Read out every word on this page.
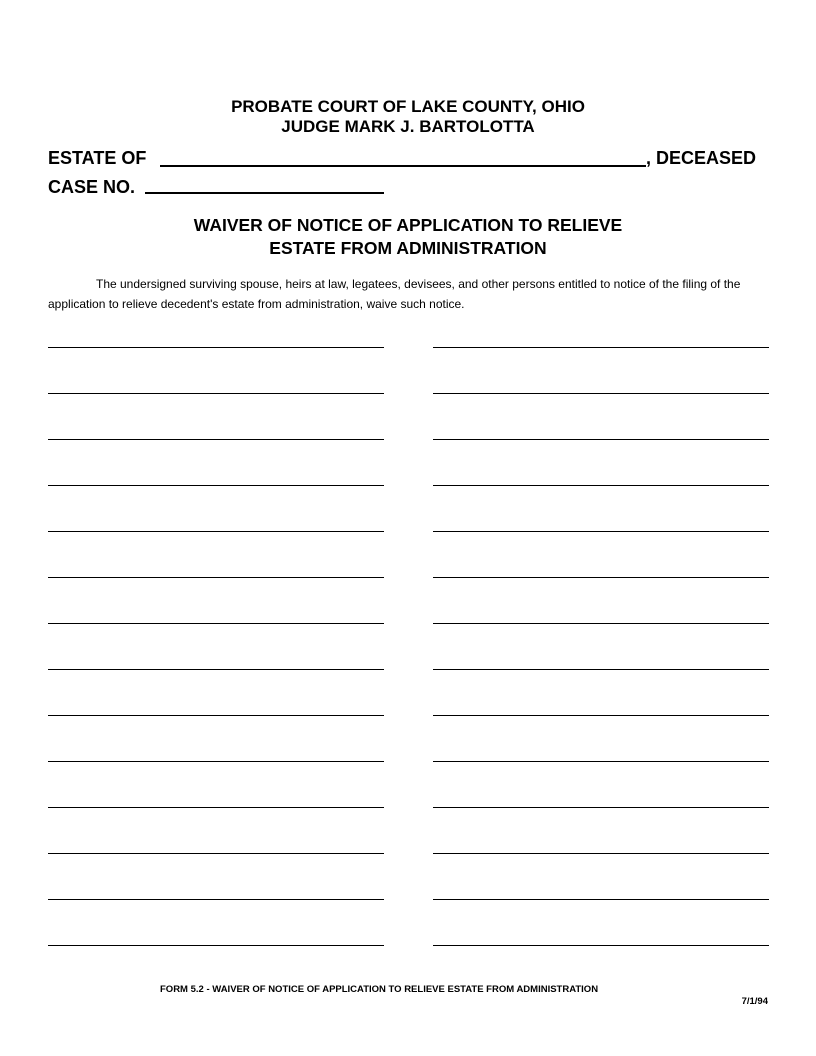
PROBATE COURT OF LAKE COUNTY, OHIO
JUDGE MARK J. BARTOLOTTA
ESTATE OF	, DECEASED
CASE NO.
WAIVER OF NOTICE OF APPLICATION TO RELIEVE
ESTATE FROM ADMINISTRATION
The undersigned surviving spouse, heirs at law, legatees, devisees, and other persons entitled to notice of the filing of the application to relieve decedent's estate from administration, waive such notice.
FORM 5.2 - WAIVER OF NOTICE OF APPLICATION TO RELIEVE ESTATE FROM ADMINISTRATION
7/1/94
